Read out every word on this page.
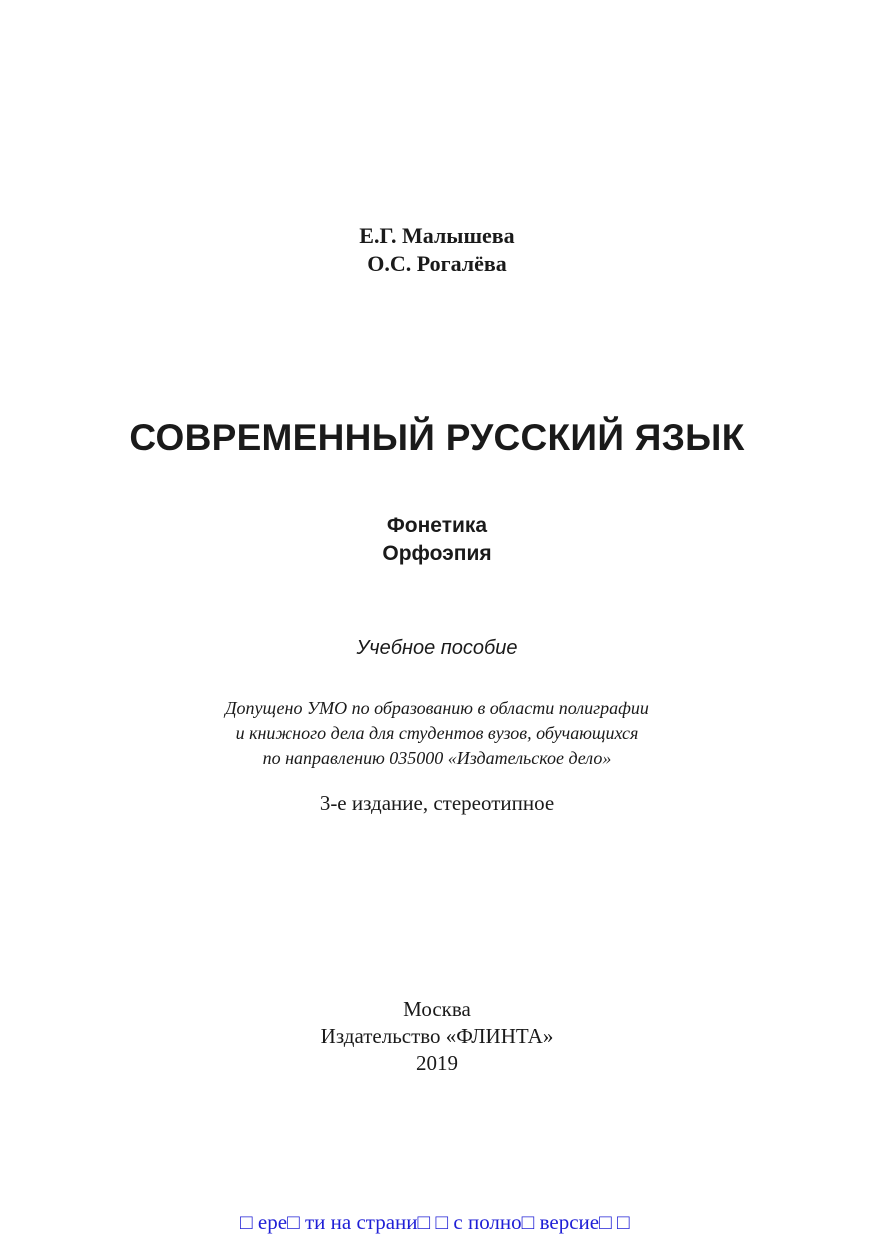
Е.Г. Малышева
О.С. Рогалёва
СОВРЕМЕННЫЙ РУССКИЙ ЯЗЫК
Фонетика
Орфоэпия
Учебное пособие
Допущено УМО по образованию в области полиграфии
и книжного дела для студентов вузов, обучающихся
по направлению 035000 «Издательское дело»
3-е издание, стереотипное
Москва
Издательство «ФЛИНТА»
2019
□ ере□ ти на страни□ □ с полно□ версие□ □
